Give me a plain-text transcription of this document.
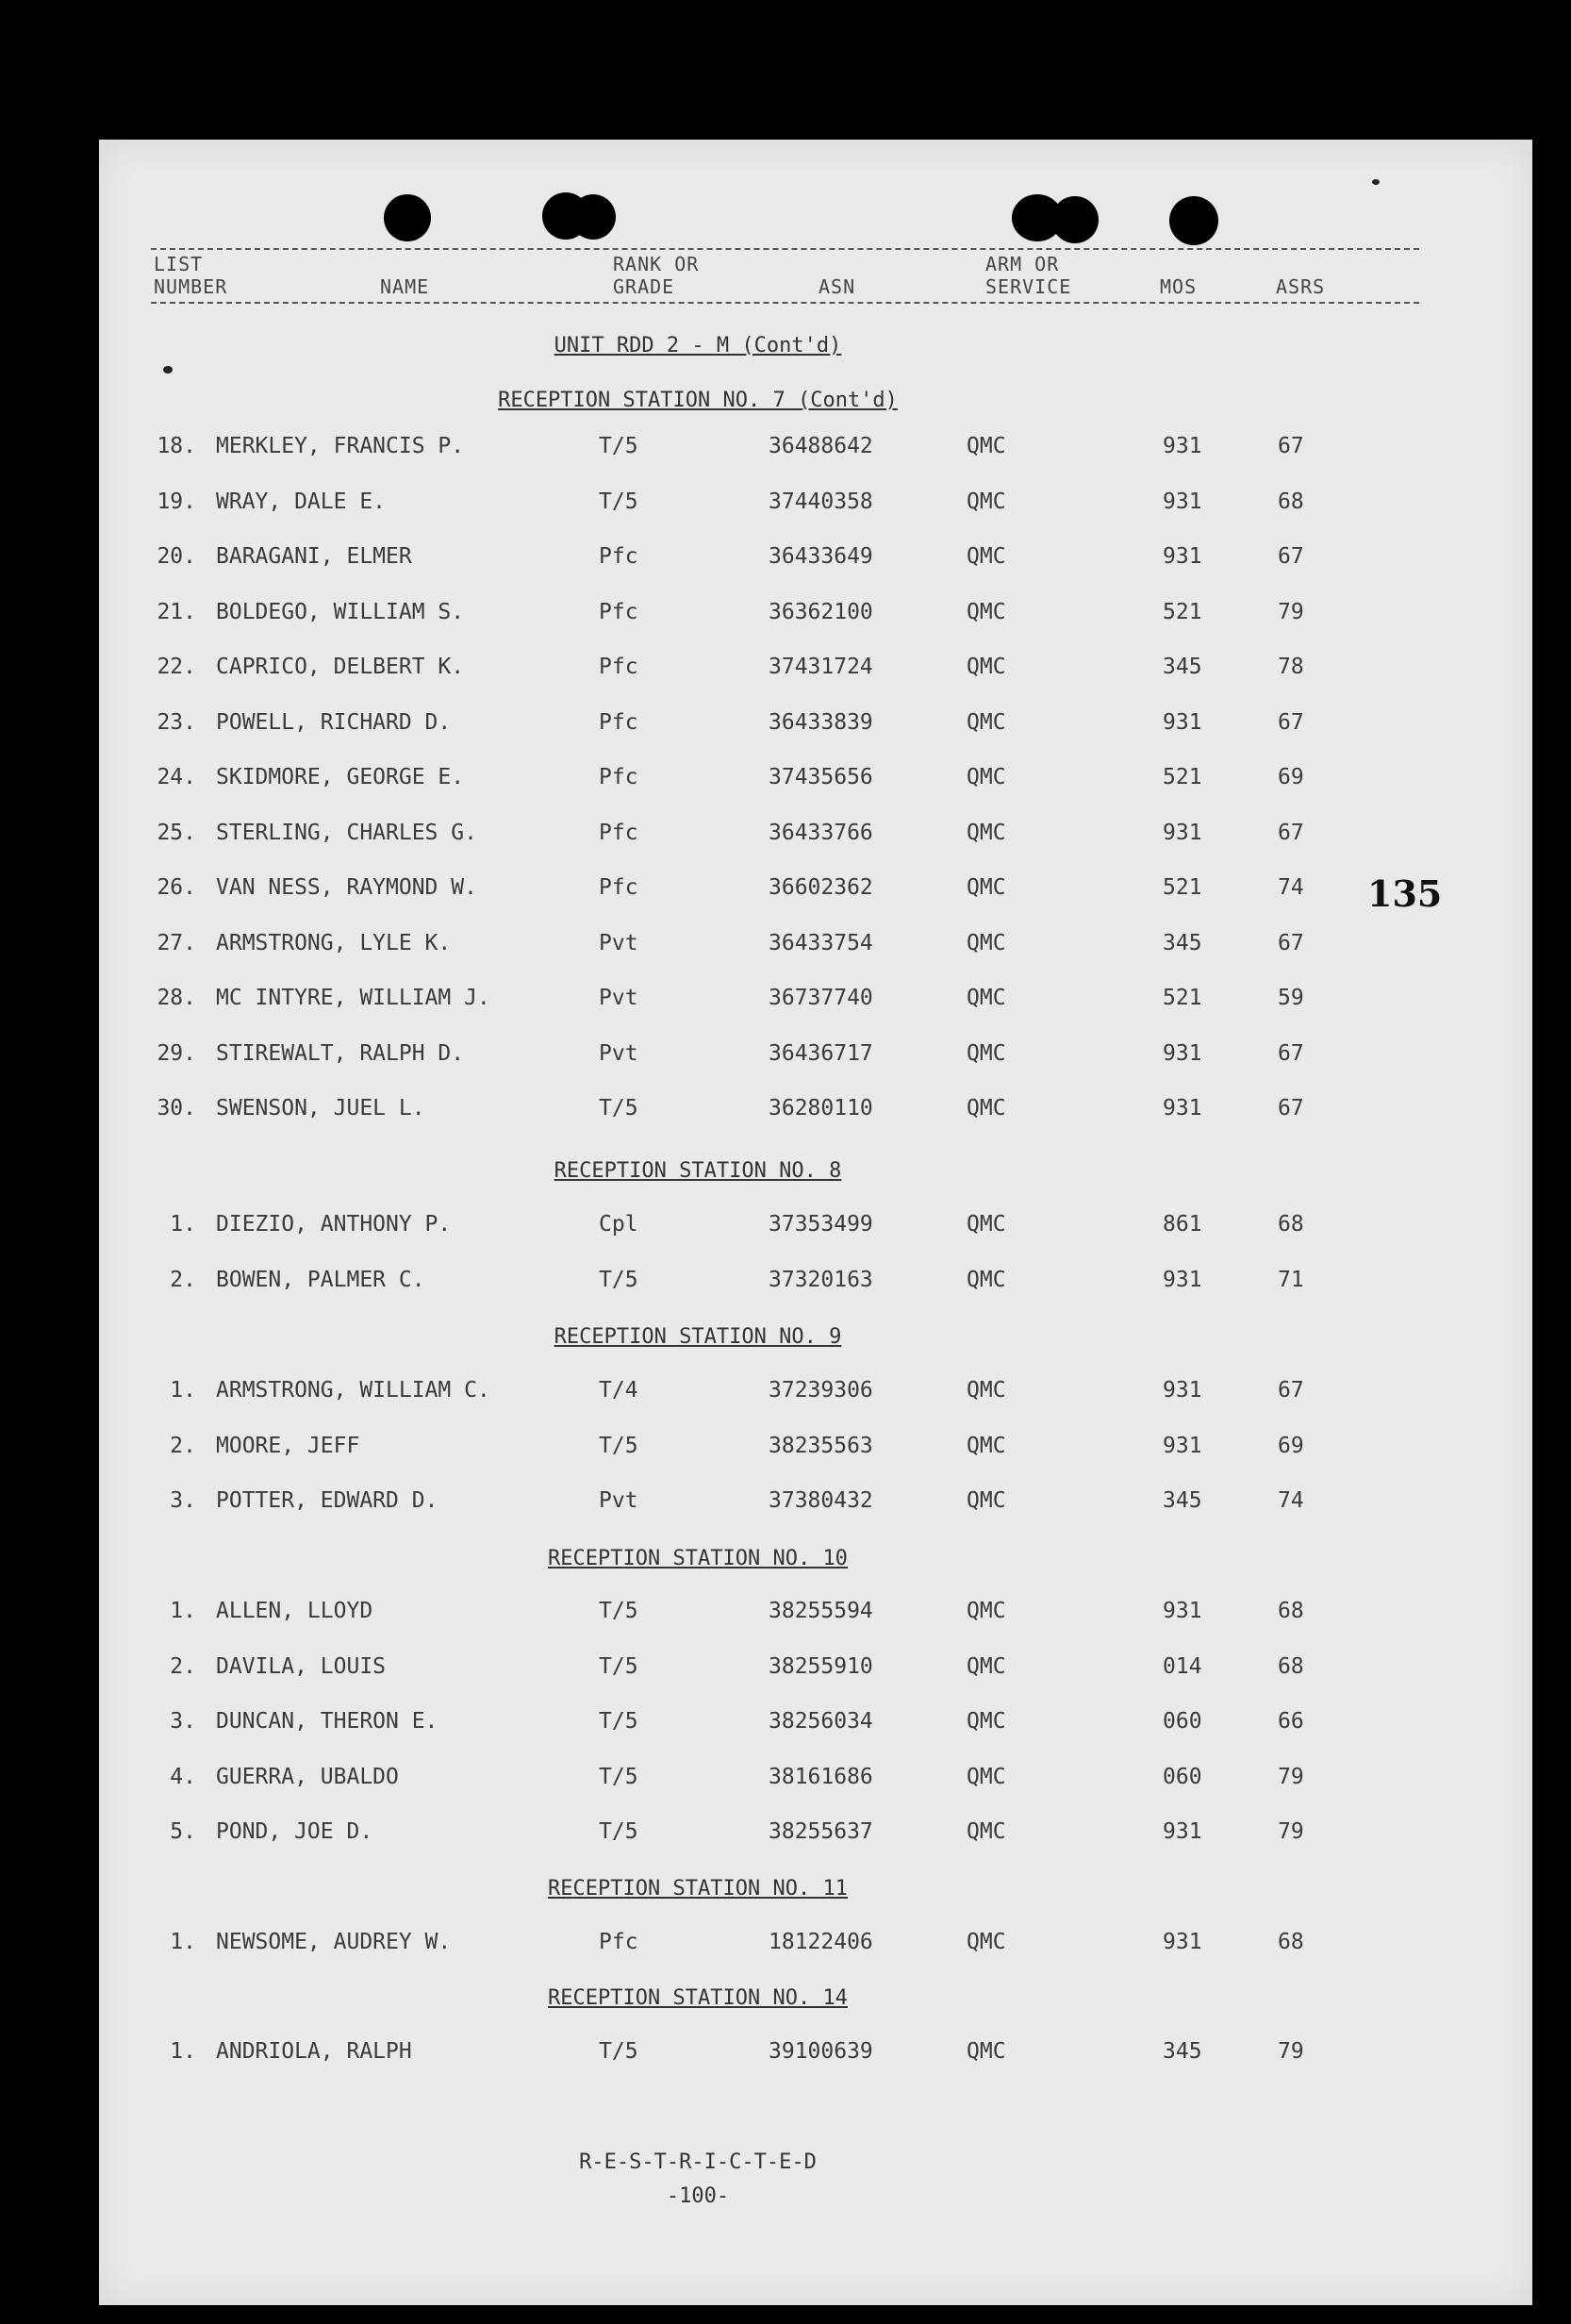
LIST
NUMBER	NAME
RANK OR
GRADE	ASN
ARM OR
SERVICE	MOS	ASRS
UNIT RDD 2 - M (Cont'd)
135
RECEPTION STATION NO. 7 (Cont'd)
18. MERKLEY, FRANCIS P.	T/5	36488642	QMC	931	67
19. WRAY, DALE E.	T/5	37440358	QMC	931	68
20. BARAGANI, ELMER	Pfc	36433649	QMC	931	67
21. BOLDEGO, WILLIAM S.	Pfc	36362100	QMC	521	79
22. CAPRICO, DELBERT K.	Pfc	37431724	QMC	345	78
23. POWELL, RICHARD D.	Pfc	36433839	QMC	931	67
24. SKIDMORE, GEORGE E.	Pfc	37435656	QMC	521	69
25. STERLING, CHARLES G.	Pfc	36433766	QMC	931	67
26. VAN NESS, RAYMOND W.	Pfc	36602362	QMC	521	74
27. ARMSTRONG, LYLE K.	Pvt	36433754	QMC	345	67
28. MC INTYRE, WILLIAM J.	Pvt	36737740	QMC	521	59
29. STIREWALT, RALPH D.	Pvt	36436717	QMC	931	67
30. SWENSON, JUEL L.	T/5	36280110	QMC	931	67
RECEPTION STATION NO. 8
1. DIEZIO, ANTHONY P.	Cpl	37353499	QMC	861	68
2. BOWEN, PALMER C.	T/5	37320163	QMC	931	71
RECEPTION STATION NO. 9
1. ARMSTRONG, WILLIAM C.	T/4	37239306	QMC	931	67
2. MOORE, JEFF	T/5	38235563	QMC	931	69
3. POTTER, EDWARD D.	Pvt	37380432	QMC	345	74
RECEPTION STATION NO. 10
1. ALLEN, LLOYD	T/5	38255594	QMC	931	68
2. DAVILA, LOUIS	T/5	38255910	QMC	014	68
3. DUNCAN, THERON E.	T/5	38256034	QMC	060	66
4. GUERRA, UBALDO	T/5	38161686	QMC	060	79
5. POND, JOE D.	T/5	38255637	QMC	931	79
RECEPTION STATION NO. 11
1. NEWSOME, AUDREY W.	Pfc	18122406	QMC	931	68
RECEPTION STATION NO. 14
1. ANDRIOLA, RALPH	T/5	39100639	QMC	345	79
R-E-S-T-R-I-C-T-E-D
-100-
